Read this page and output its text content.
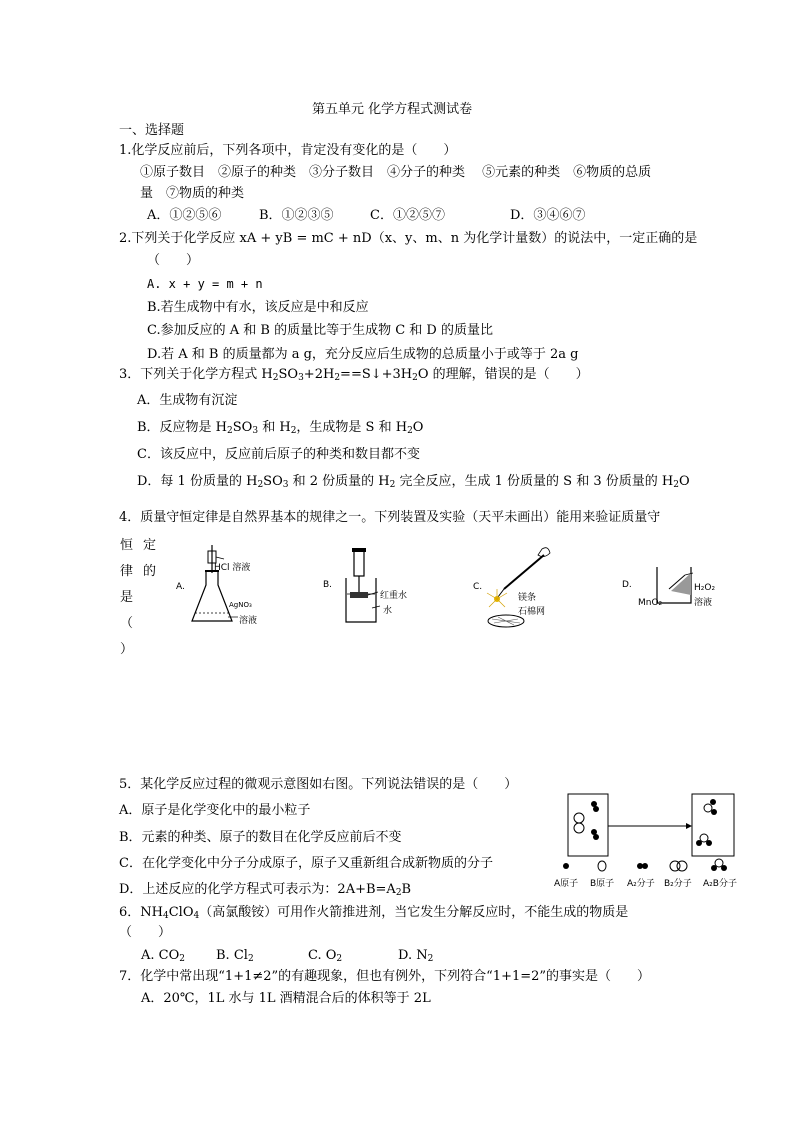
第五单元 化学方程式测试卷
一、选择题
1.化学反应前后，下列各项中，肯定没有变化的是（　　）
①原子数目　②原子的种类　③分子数目　④分子的种类　 ⑤元素的种类　⑥物质的总质
量　⑦物质的种类
A．①②⑤⑥	B．①②③⑤	C．①②⑤⑦	D．③④⑥⑦
2.下列关于化学反应 xA + yB = mC + nD（x、y、m、n 为化学计量数）的说法中，一定正确的是
（　　）
A. x + y = m + n
B.若生成物中有水，该反应是中和反应
C.参加反应的 A 和 B 的质量比等于生成物 C 和 D 的质量比
D.若 A 和 B 的质量都为 a g，充分反应后生成物的总质量小于或等于 2a g
3．下列关于化学方程式 $H_2SO_3+2H_2==S↓+3H_2O$ 的理解，错误的是（　　）
A．生成物有沉淀
B．反应物是 $H_2SO_3$ 和 $H_2$，生成物是 S 和 $H_2O$
C．该反应中，反应前后原子的种类和数目都不变
D．每 1 份质量的 $H_2SO_3$ 和 2 份质量的 $H_2$ 完全反应，生成 1 份质量的 S 和 3 份质量的 $H_2O$
4．质量守恒定律是自然界基本的规律之一。下列装置及实验（天平未画出）能用来验证质量守
恒
律
是
（
）
定
的
A.
HCl 溶液
AgNO₃
溶液
B.
红重水
水
C.
镁条
石棉网
D.
MnO₂
H₂O₂
溶液
5．某化学反应过程的微观示意图如右图。下列说法错误的是（　　）
A．原子是化学变化中的最小粒子
B．元素的种类、原子的数目在化学反应前后不变
C．在化学变化中分子分成原子，原子又重新组合成新物质的分子
D．上述反应的化学方程式可表示为：$2A+B=A_2B$	A原子 B原子 A₂分子 B₂分子 A₂B分子
6．$NH_4ClO_4$（高氯酸铵）可用作火箭推进剂，当它发生分解反应时，不能生成的物质是
（　　）
A. $CO_2$ B. $Cl_2$	C. $O_2$	D. $N_2$
7．化学中常出现“1+1≠2”的有趣现象，但也有例外，下列符合“1+1=2”的事实是（　　）
A．20℃，1L 水与 1L 酒精混合后的体积等于 2L
